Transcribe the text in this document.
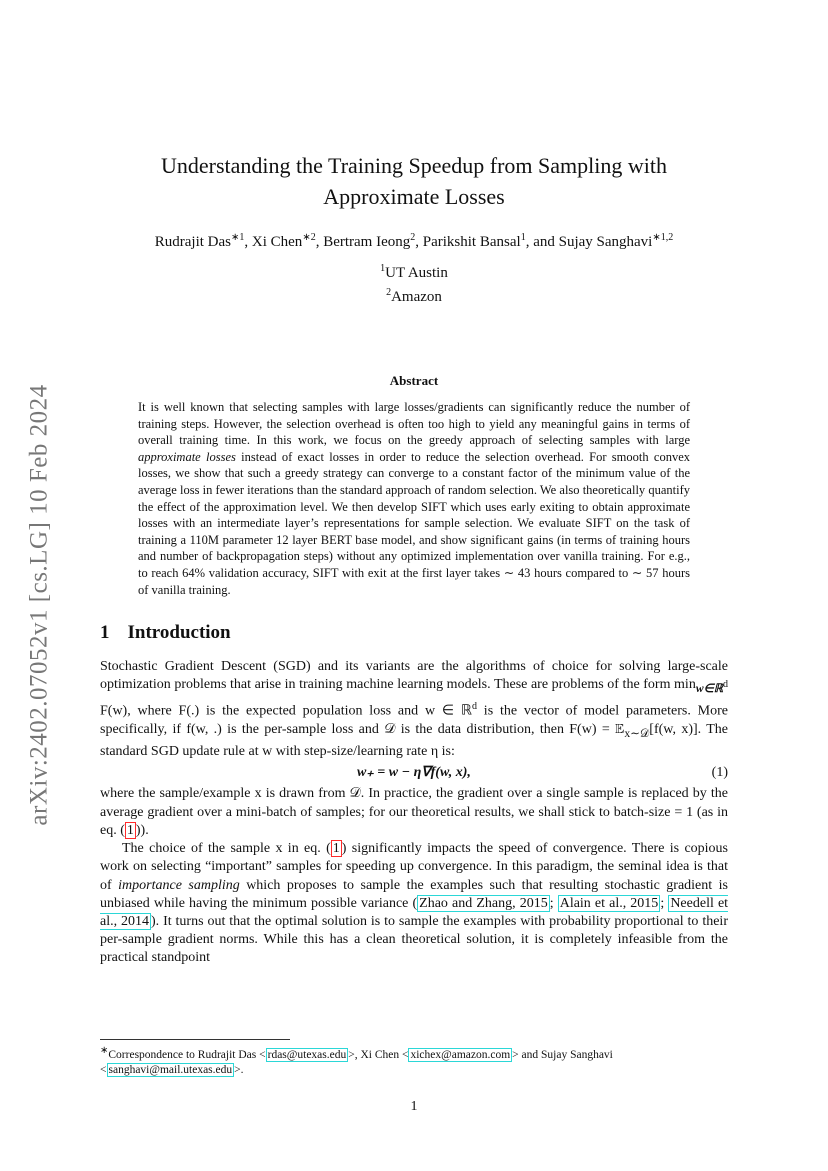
arXiv:2402.07052v1 [cs.LG] 10 Feb 2024
Understanding the Training Speedup from Sampling with
Approximate Losses
Rudrajit Das$^{∗1}$, Xi Chen$^{∗2}$, Bertram Ieong$^2$, Parikshit Bansal$^1$, and Sujay Sanghavi$^{∗1,2}$
$^1$UT Austin
$^2$Amazon
Abstract
It is well known that selecting samples with large losses/gradients can significantly reduce the number of training steps. However, the selection overhead is often too high to yield any meaningful gains in terms of overall training time. In this work, we focus on the greedy approach of selecting samples with large approximate losses instead of exact losses in order to reduce the selection overhead. For smooth convex losses, we show that such a greedy strategy can converge to a constant factor of the minimum value of the average loss in fewer iterations than the standard approach of random selection. We also theoretically quantify the effect of the approximation level. We then develop SIFT which uses early exiting to obtain approximate losses with an intermediate layer’s representations for sample selection. We evaluate SIFT on the task of training a 110M parameter 12 layer BERT base model, and show significant gains (in terms of training hours and number of backpropagation steps) without any optimized implementation over vanilla training. For e.g., to reach 64% validation accuracy, SIFT with exit at the first layer takes ∼ 43 hours compared to ∼ 57 hours of vanilla training.
1 Introduction

Stochastic Gradient Descent (SGD) and its variants are the algorithms of choice for solving large-scale optimization problems that arise in training machine learning models. These are problems of the form $\min_{w\in ℝ^d} F(w)$, where F(.) is the expected population loss and w ∈ ℝ$^d$ is the vector of model parameters. More specifically, if f(w, .) is the per-sample loss and 𝒟 is the data distribution, then F(w) = 𝔼$_{x\sim 𝒟}$[f(w, x)]. The standard SGD update rule at w with step-size/learning rate η is:

w₊ = w − η∇f(w, x),	(1)

where the sample/example x is drawn from 𝒟. In practice, the gradient over a single sample is replaced by the average gradient over a mini-batch of samples; for our theoretical results, we shall stick to batch-size = 1 (as in eq. ( 1 )).

The choice of the sample x in eq. ( 1 ) significantly impacts the speed of convergence. There is copious work on selecting “important” samples for speeding up convergence. In this paradigm, the seminal idea is that of importance sampling which proposes to sample the examples such that resulting stochastic gradient is unbiased while having the minimum possible variance ( Zhao and Zhang, 2015 ; Alain et al., 2015 ; Needell et al., 2014 ). It turns out that the optimal solution is to sample the examples with probability proportional to their per-sample gradient norms. While this has a clean theoretical solution, it is completely infeasible from the practical standpoint

∗Correspondence to Rudrajit Das < rdas@utexas.edu >, Xi Chen < xichex@amazon.com > and Sujay Sanghavi < sanghavi@mail.utexas.edu >.
1
